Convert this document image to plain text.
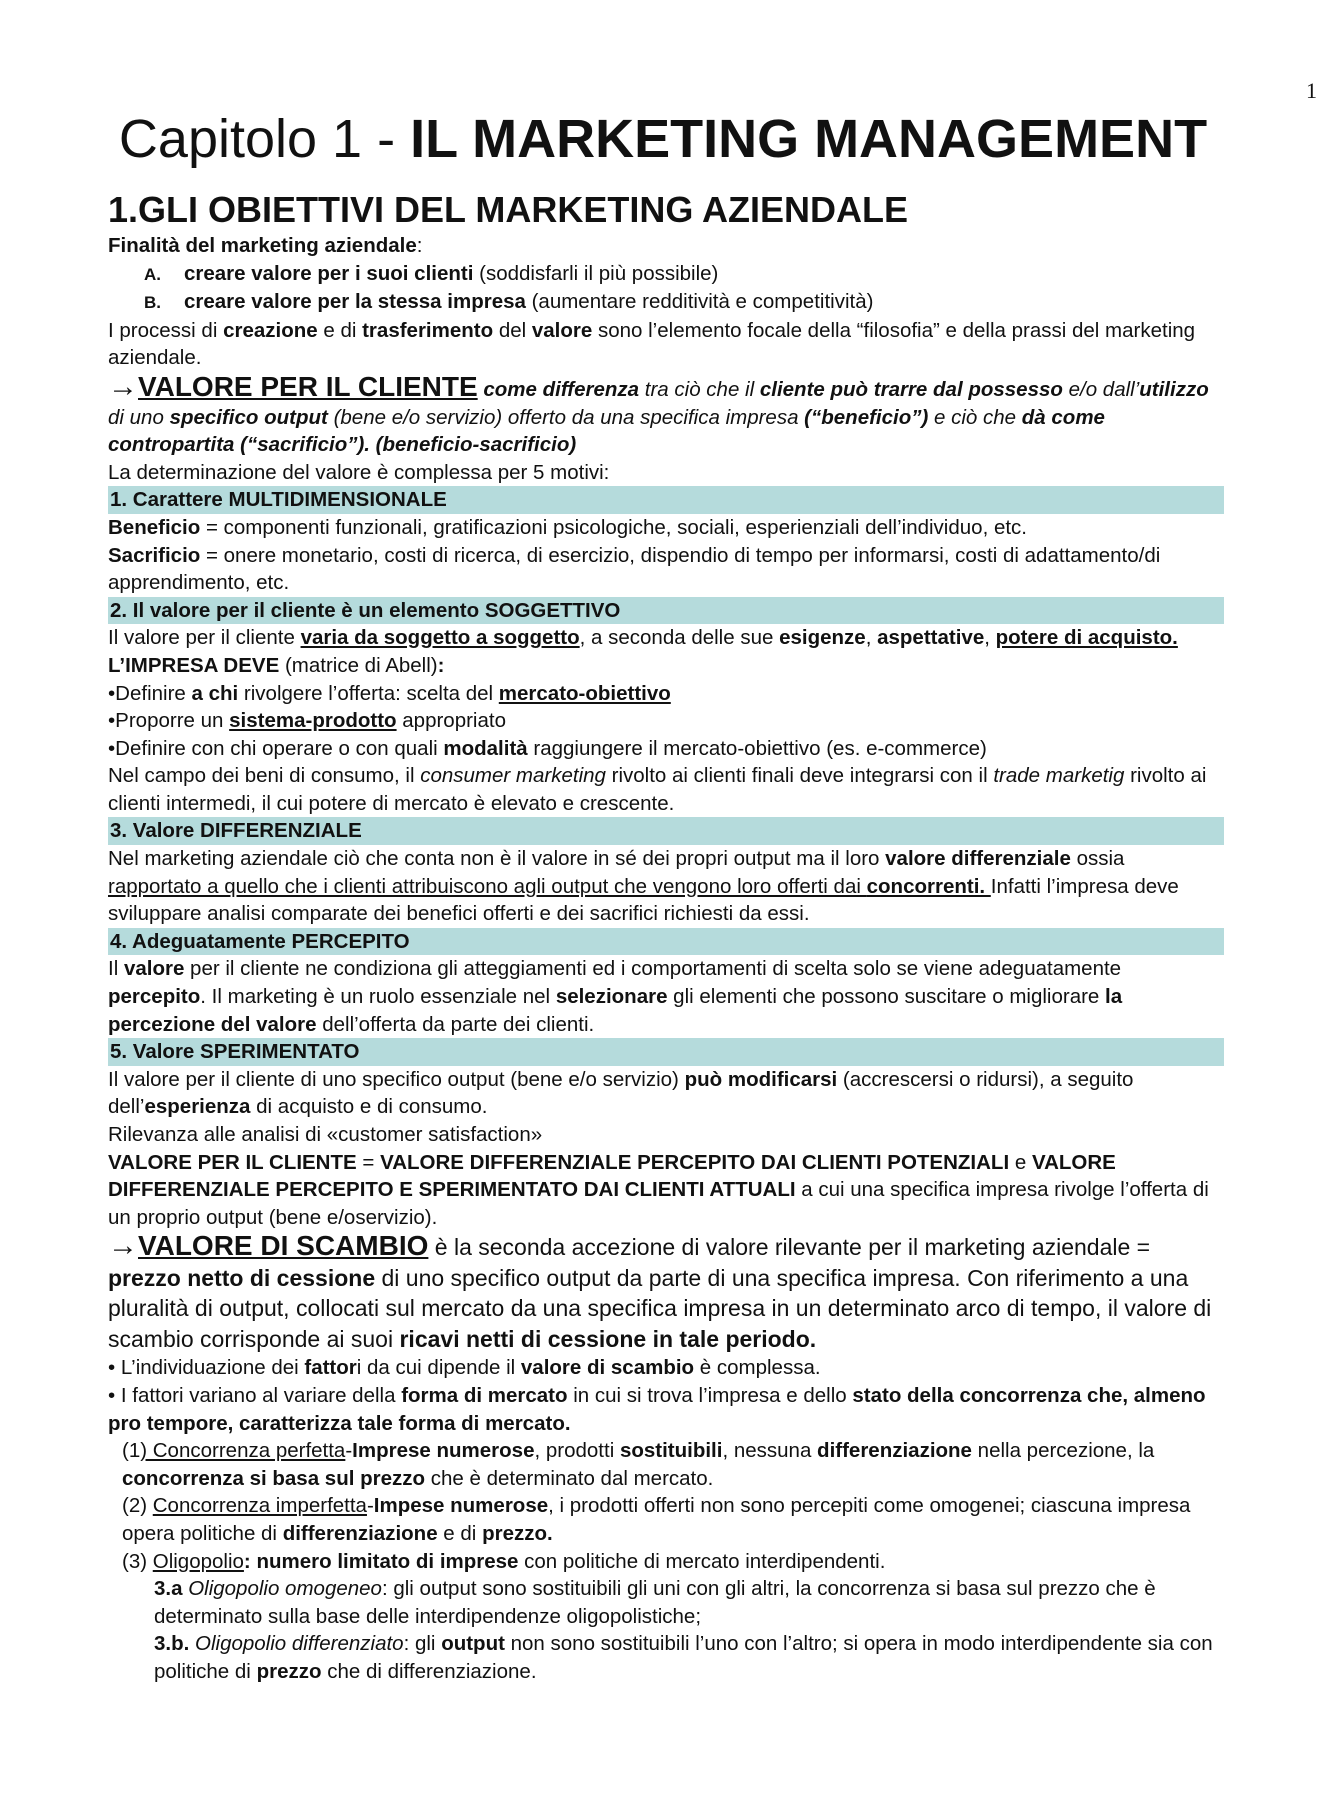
1
Capitolo 1 - IL MARKETING MANAGEMENT

1.GLI OBIETTIVI DEL MARKETING AZIENDALE

Finalità del marketing aziendale:

A. creare valore per i suoi clienti (soddisfarli il più possibile)

B. creare valore per la stessa impresa (aumentare redditività e competitività)

I processi di creazione e di trasferimento del valore sono l’elemento focale della “filosofia” e della prassi del marketing aziendale.

→VALORE PER IL CLIENTE come differenza tra ciò che il cliente può trarre dal possesso e/o dall’utilizzo di uno specifico output (bene e/o servizio) offerto da una specifica impresa (“beneficio”) e ciò che dà come contropartita (“sacrificio”). (beneficio-sacrificio)

La determinazione del valore è complessa per 5 motivi:

1. Carattere MULTIDIMENSIONALE

Beneficio = componenti funzionali, gratificazioni psicologiche, sociali, esperienziali dell’individuo, etc.

Sacrificio = onere monetario, costi di ricerca, di esercizio, dispendio di tempo per informarsi, costi di adattamento/di apprendimento, etc.

2. Il valore per il cliente è un elemento SOGGETTIVO

Il valore per il cliente varia da soggetto a soggetto, a seconda delle sue esigenze, aspettative, potere di acquisto.

L’IMPRESA DEVE (matrice di Abell):

•Definire a chi rivolgere l’offerta: scelta del mercato-obiettivo

•Proporre un sistema-prodotto appropriato

•Definire con chi operare o con quali modalità raggiungere il mercato-obiettivo (es. e-commerce)

Nel campo dei beni di consumo, il consumer marketing rivolto ai clienti finali deve integrarsi con il trade marketig rivolto ai clienti intermedi, il cui potere di mercato è elevato e crescente.

3. Valore DIFFERENZIALE

Nel marketing aziendale ciò che conta non è il valore in sé dei propri output ma il loro valore differenziale ossia rapportato a quello che i clienti attribuiscono agli output che vengono loro offerti dai concorrenti. Infatti l’impresa deve sviluppare analisi comparate dei benefici offerti e dei sacrifici richiesti da essi.

4. Adeguatamente PERCEPITO

Il valore per il cliente ne condiziona gli atteggiamenti ed i comportamenti di scelta solo se viene adeguatamente percepito. Il marketing è un ruolo essenziale nel selezionare gli elementi che possono suscitare o migliorare la percezione del valore dell’offerta da parte dei clienti.

5. Valore SPERIMENTATO

Il valore per il cliente di uno specifico output (bene e/o servizio) può modificarsi (accrescersi o ridursi), a seguito dell’esperienza di acquisto e di consumo.

Rilevanza alle analisi di «customer satisfaction»

VALORE PER IL CLIENTE = VALORE DIFFERENZIALE PERCEPITO DAI CLIENTI POTENZIALI e VALORE DIFFERENZIALE PERCEPITO E SPERIMENTATO DAI CLIENTI ATTUALI a cui una specifica impresa rivolge l’offerta di un proprio output (bene e/oservizio).

→VALORE DI SCAMBIO è la seconda accezione di valore rilevante per il marketing aziendale = prezzo netto di cessione di uno specifico output da parte di una specifica impresa. Con riferimento a una pluralità di output, collocati sul mercato da una specifica impresa in un determinato arco di tempo, il valore di scambio corrisponde ai suoi ricavi netti di cessione in tale periodo.

• L’individuazione dei fattori da cui dipende il valore di scambio è complessa.

• I fattori variano al variare della forma di mercato in cui si trova l’impresa e dello stato della concorrenza che, almeno pro tempore, caratterizza tale forma di mercato.

(1) Concorrenza perfetta-Imprese numerose, prodotti sostituibili, nessuna differenziazione nella percezione, la concorrenza si basa sul prezzo che è determinato dal mercato.

(2) Concorrenza imperfetta-Impese numerose, i prodotti offerti non sono percepiti come omogenei; ciascuna impresa opera politiche di differenziazione e di prezzo.

(3) Oligopolio: numero limitato di imprese con politiche di mercato interdipendenti.

3.a Oligopolio omogeneo: gli output sono sostituibili gli uni con gli altri, la concorrenza si basa sul prezzo che è determinato sulla base delle interdipendenze oligopolistiche;

3.b. Oligopolio differenziato: gli output non sono sostituibili l’uno con l’altro; si opera in modo interdipendente sia con politiche di prezzo che di differenziazione.
